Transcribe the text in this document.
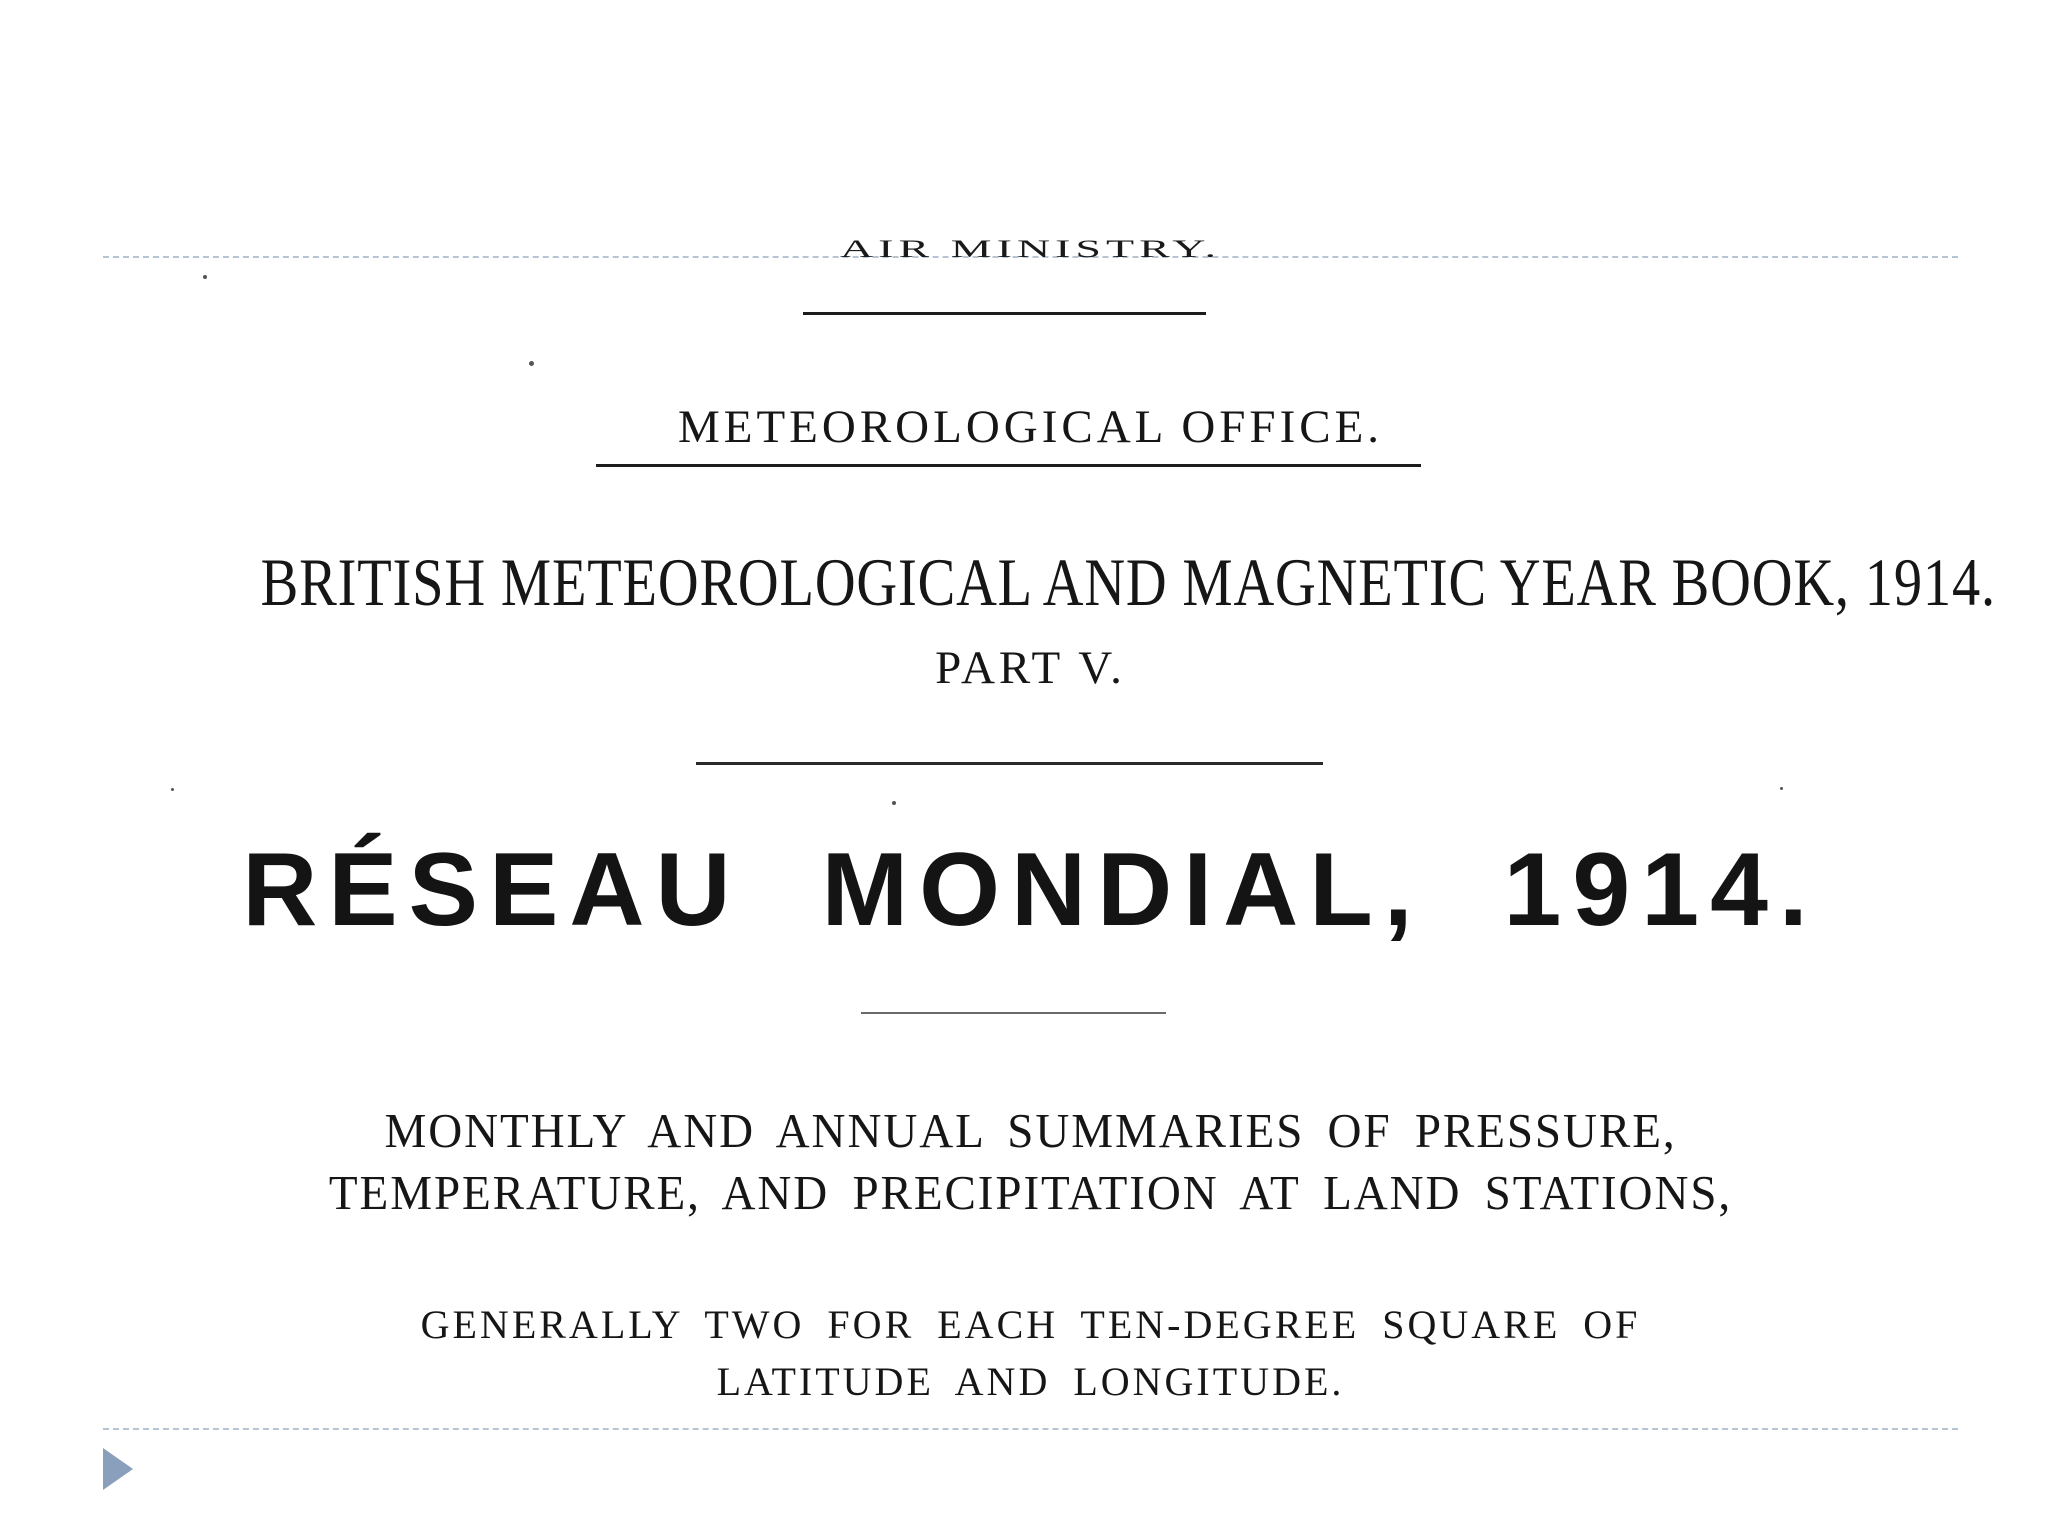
AIR MINISTRY.
METEOROLOGICAL OFFICE.
BRITISH METEOROLOGICAL AND MAGNETIC YEAR BOOK, 1914.
PART V.
RÉSEAU MONDIAL, 1914.
MONTHLY AND ANNUAL SUMMARIES OF PRESSURE, TEMPERATURE, AND PRECIPITATION AT LAND STATIONS,
GENERALLY TWO FOR EACH TEN-DEGREE SQUARE OF LATITUDE AND LONGITUDE.
